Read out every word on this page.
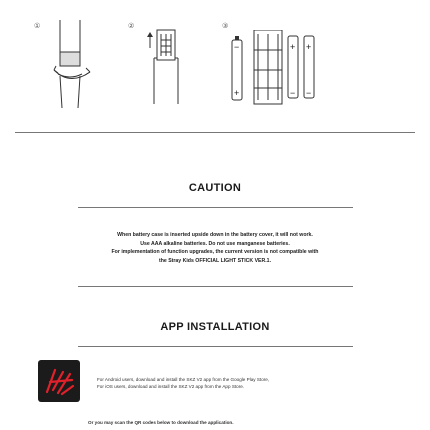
①	②	③
−
+
+ +
− −
CAUTION
When battery case is inserted upside down in the battery cover, it will not work.
Use AAA alkaline batteries. Do not use manganese batteries.
For implementation of function upgrades, the current version is not compatible with
the Stray Kids OFFICIAL LIGHT STICK VER.1.
APP INSTALLATION
For Android users, download and install the SKZ V2 app from the Google Play Store,
For iOS users, download and install the SKZ V2 app from the App Store.
Or you may scan the QR codes below to download the application.
